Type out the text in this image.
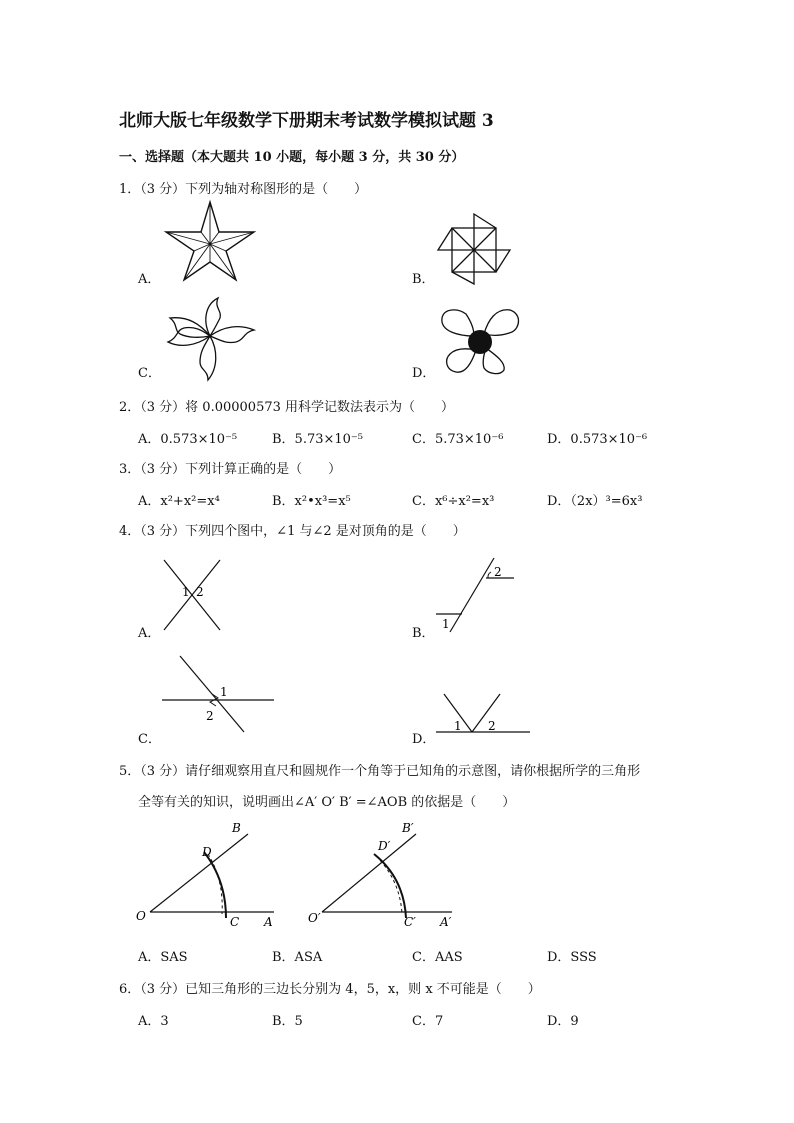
北师大版七年级数学下册期末考试数学模拟试题 3
一、选择题（本大题共 10 小题，每小题 3 分，共 30 分）
1．（3 分）下列为轴对称图形的是（　　）
A．	B．
C．	D．
2．（3 分）将 0.00000573 用科学记数法表示为（　　）
A．0.573×10⁻⁵	B．5.73×10⁻⁵	C．5.73×10⁻⁶	D．0.573×10⁻⁶
3．（3 分）下列计算正确的是（　　）
A．x²+x²=x⁴	B．x²•x³=x⁵	C．x⁶÷x²=x³	D．（2x）³=6x³
4．（3 分）下列四个图中，∠1 与∠2 是对顶角的是（　　）
1 2
A．
2
1
B．
1
2
C．
1 2
D．
5．（3 分）请仔细观察用直尺和圆规作一个角等于已知角的示意图，请你根据所学的三角形
全等有关的知识，说明画出∠A′ O′ B′ =∠AOB 的依据是（　　）
B
D
O	C A
B′
D′
O′	C′ A′
A．SAS	B．ASA	C．AAS	D．SSS
6．（3 分）已知三角形的三边长分别为 4，5，x，则 x 不可能是（　　）
A．3	B．5	C．7	D．9
